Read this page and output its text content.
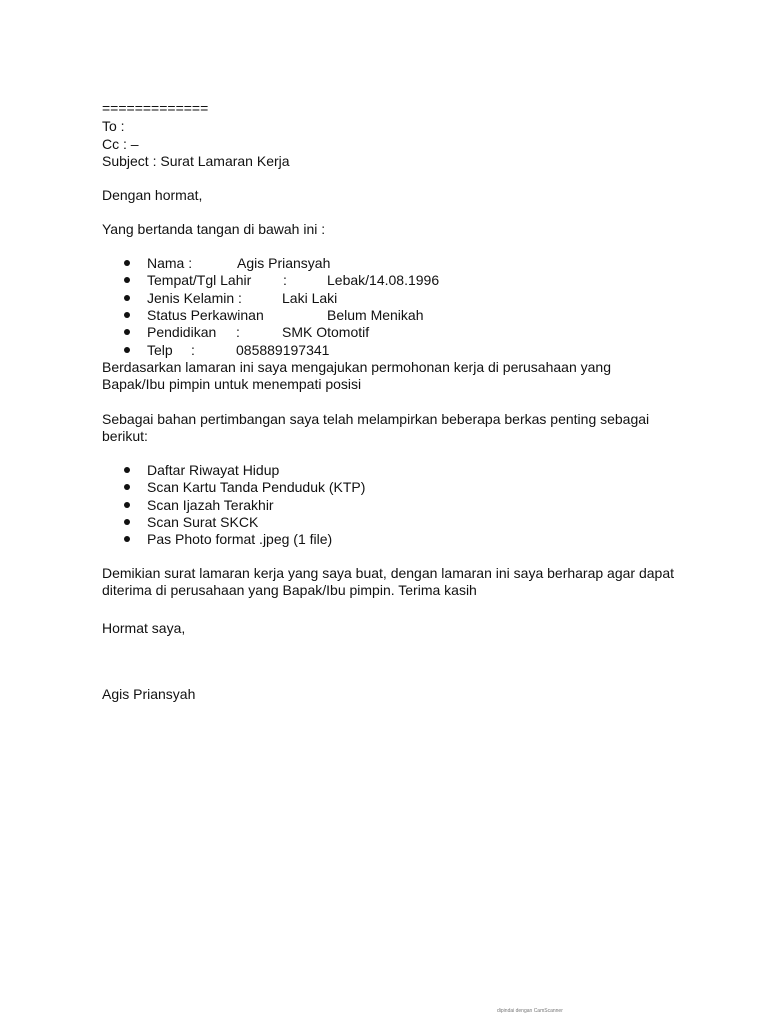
=============
To :
Cc : –
Subject : Surat Lamaran Kerja
Dengan hormat,
Yang bertanda tangan di bawah ini :
Nama :	Agis Priansyah
Tempat/Tgl Lahir :	Lebak/14.08.1996
Jenis Kelamin :	Laki Laki
Status Perkawinan	Belum Menikah
Pendidikan :	SMK Otomotif
Telp :	085889197341
Berdasarkan lamaran ini saya mengajukan permohonan kerja di perusahaan yang
Bapak/Ibu pimpin untuk menempati posisi
Sebagai bahan pertimbangan saya telah melampirkan beberapa berkas penting sebagai
berikut:
Daftar Riwayat Hidup
Scan Kartu Tanda Penduduk (KTP)
Scan Ijazah Terakhir
Scan Surat SKCK
Pas Photo format .jpeg (1 file)
Demikian surat lamaran kerja yang saya buat, dengan lamaran ini saya berharap agar dapat
diterima di perusahaan yang Bapak/Ibu pimpin. Terima kasih
Hormat saya,
Agis Priansyah
dipindai dengan CamScanner
